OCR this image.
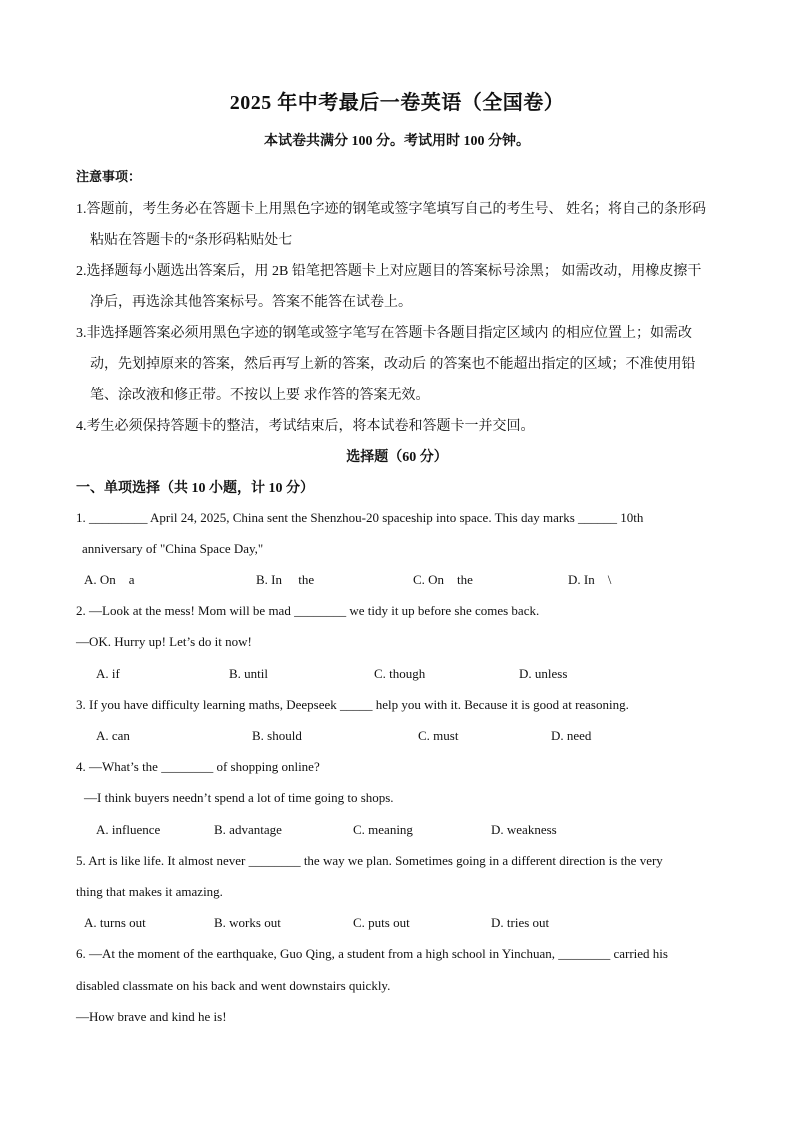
2025 年中考最后一卷英语（全国卷）
本试卷共满分 100 分。考试用时 100 分钟。
注意事项：
1.答题前，考生务必在答题卡上用黑色字迹的钢笔或签字笔填写自己的考生号、 姓名；将自己的条形码
粘贴在答题卡的“条形码粘贴处七
2.选择题每小题选出答案后，用 2B 铅笔把答题卡上对应题目的答案标号涂黑； 如需改动，用橡皮擦干
净后，再选涂其他答案标号。答案不能答在试卷上。
3.非选择题答案必须用黑色字迹的钢笔或签字笔写在答题卡各题目指定区域内 的相应位置上；如需改
动，先划掉原来的答案，然后再写上新的答案，改动后 的答案也不能超出指定的区域；不准使用铅
笔、涂改液和修正带。不按以上要 求作答的答案无效。
4.考生必须保持答题卡的整洁，考试结束后，将本试卷和答题卡一并交回。
选择题（60 分）
一、单项选择（共 10 小题，计 10 分）
1. _________ April 24, 2025, China sent the Shenzhou-20 spaceship into space. This day marks ______ 10th
anniversary of "China Space Day,"
A. On    a	B. In     the	C. On    the	D. In    \
2. —Look at the mess! Mom will be mad ________ we tidy it up before she comes back.
—OK. Hurry up! Let’s do it now!
A. if	B. until	C. though	D. unless
3. If you have difficulty learning maths, Deepseek _____ help you with it. Because it is good at reasoning.
A. can	B. should	C. must	D. need
4. —What’s the ________ of shopping online?
—I think buyers needn’t spend a lot of time going to shops.
A. influence	B. advantage	C. meaning	D. weakness
5. Art is like life. It almost never ________ the way we plan. Sometimes going in a different direction is the very
thing that makes it amazing.
A. turns out	B. works out	C. puts out	D. tries out
6. —At the moment of the earthquake, Guo Qing, a student from a high school in Yinchuan, ________ carried his
disabled classmate on his back and went downstairs quickly.
—How brave and kind he is!
